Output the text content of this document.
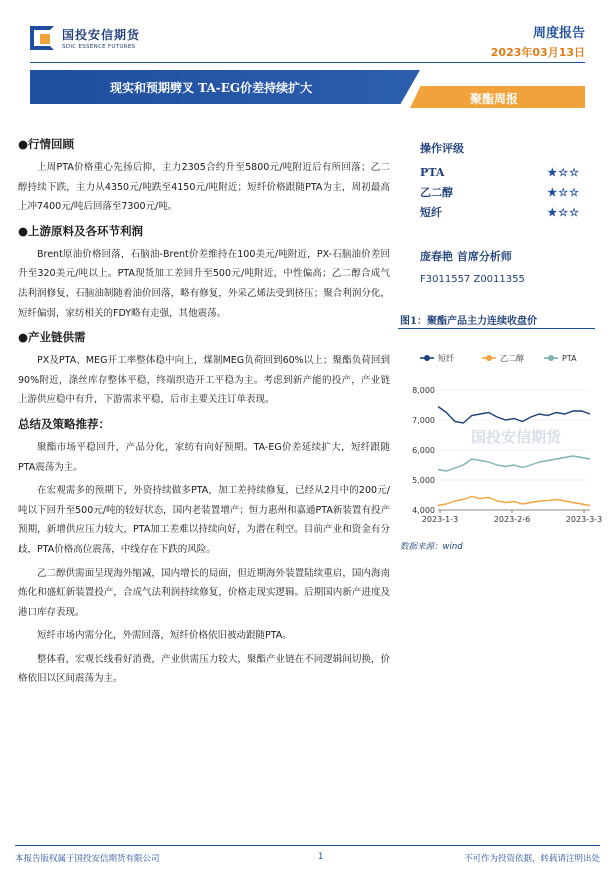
国投安信期货
SDIC ESSENCE FUTURES
周度报告
2023年03月13日
现实和预期劈叉 TA-EG价差持续扩大
聚酯周报
●行情回顾
上周PTA价格重心先扬后抑，主力2305合约升至5800元/吨附近后有所回落；乙二醇持续下跌，主力从4350元/吨跌至4150元/吨附近；短纤价格跟随PTA为主，周初最高上冲7400元/吨后回落至7300元/吨。
●上游原料及各环节利润
Brent原油价格回落，石脑油-Brent价差维持在100美元/吨附近，PX-石脑油价差回升至320美元/吨以上。PTA现货加工差回升至500元/吨附近，中性偏高；乙二醇合成气法利润修复，石脑油制随着油价回落，略有修复，外采乙烯法受到挤压；聚合利润分化，短纤偏弱，家纺相关的FDY略有走强，其他震荡。
●产业链供需
PX及PTA、MEG开工率整体稳中向上，煤制MEG负荷回到60%以上；聚酯负荷回到90%附近，涤丝库存整体平稳，终端织造开工平稳为主。考虑到新产能的投产，产业链上游供应稳中有升，下游需求平稳，后市主要关注订单表现。
总结及策略推荐：
聚酯市场平稳回升，产品分化，家纺有向好预期。TA-EG价差延续扩大，短纤跟随PTA震荡为主。
在宏观需多的预期下，外资持续做多PTA，加工差持续修复，已经从2月中的200元/吨以下回升至500元/吨的较好状态，国内老装置增产；恒力惠州和嘉通PTA新装置有投产预期，新增供应压力较大，PTA加工差难以持续向好，为潜在利空。目前产业和资金有分歧，PTA价格高位震荡，中线存在下跌的风险。
乙二醇供需面呈现海外缩减，国内增长的局面，但近期海外装置陆续重启，国内海南炼化和盛虹新装置投产，合成气法利润持续修复，价格走现实逻辑。后期国内新产进度及港口库存表现。
短纤市场内需分化，外需回落，短纤价格依旧被动跟随PTA。
整体看，宏观长线看好消费，产业供需压力较大，聚酯产业链在不同逻辑间切换，价格依旧以区间震荡为主。
操作评级
PTA	★☆☆
乙二醇	★☆☆
短纤	★☆☆
庞春艳 首席分析师
F3011557 Z0011355
图1：聚酯产品主力连续收盘价
短纤	乙二醇	PTA
国投安信期货
4,000
5,000
6,000
7,000
8,000
2023-1-3	2023-2-6	2023-3-3
数据来源：wind
本报告版权属于国投安信期货有限公司	1	不可作为投资依据，转载请注明出处
